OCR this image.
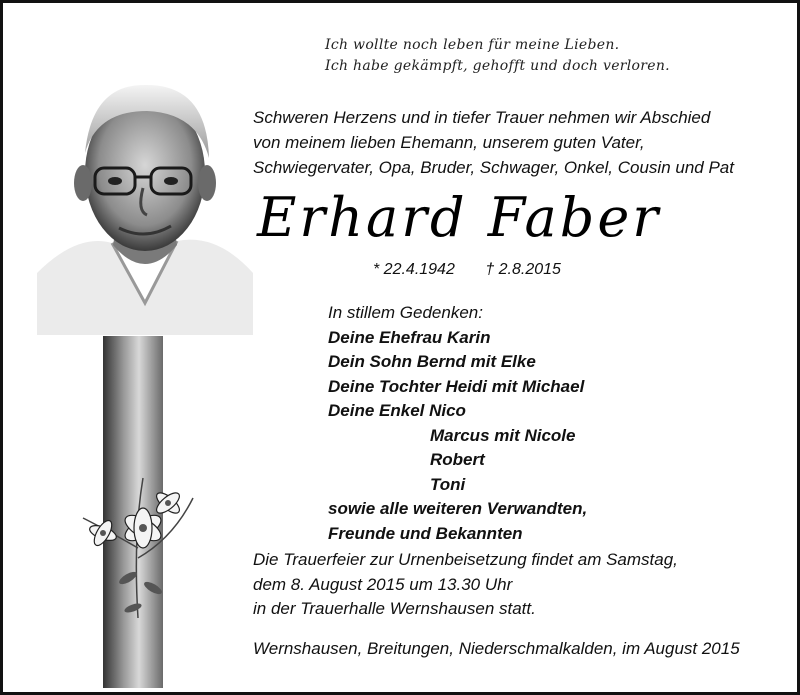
Ich wollte noch leben für meine Lieben.
Ich habe gekämpft, gehofft und doch verloren.
Schweren Herzens und in tiefer Trauer nehmen wir Abschied
von meinem lieben Ehemann, unserem guten Vater,
Schwiegervater, Opa, Bruder, Schwager, Onkel, Cousin und Pat
Erhard Faber
* 22.4.1942 † 2.8.2015
In stillem Gedenken:
Deine Ehefrau Karin
Dein Sohn Bernd mit Elke
Deine Tochter Heidi mit Michael
Deine Enkel Nico
Marcus mit Nicole
Robert
Toni
sowie alle weiteren Verwandten,
Freunde und Bekannten
Die Trauerfeier zur Urnenbeisetzung findet am Samstag,
dem 8. August 2015 um 13.30 Uhr
in der Trauerhalle Wernshausen statt.
Wernshausen, Breitungen, Niederschmalkalden, im August 2015
